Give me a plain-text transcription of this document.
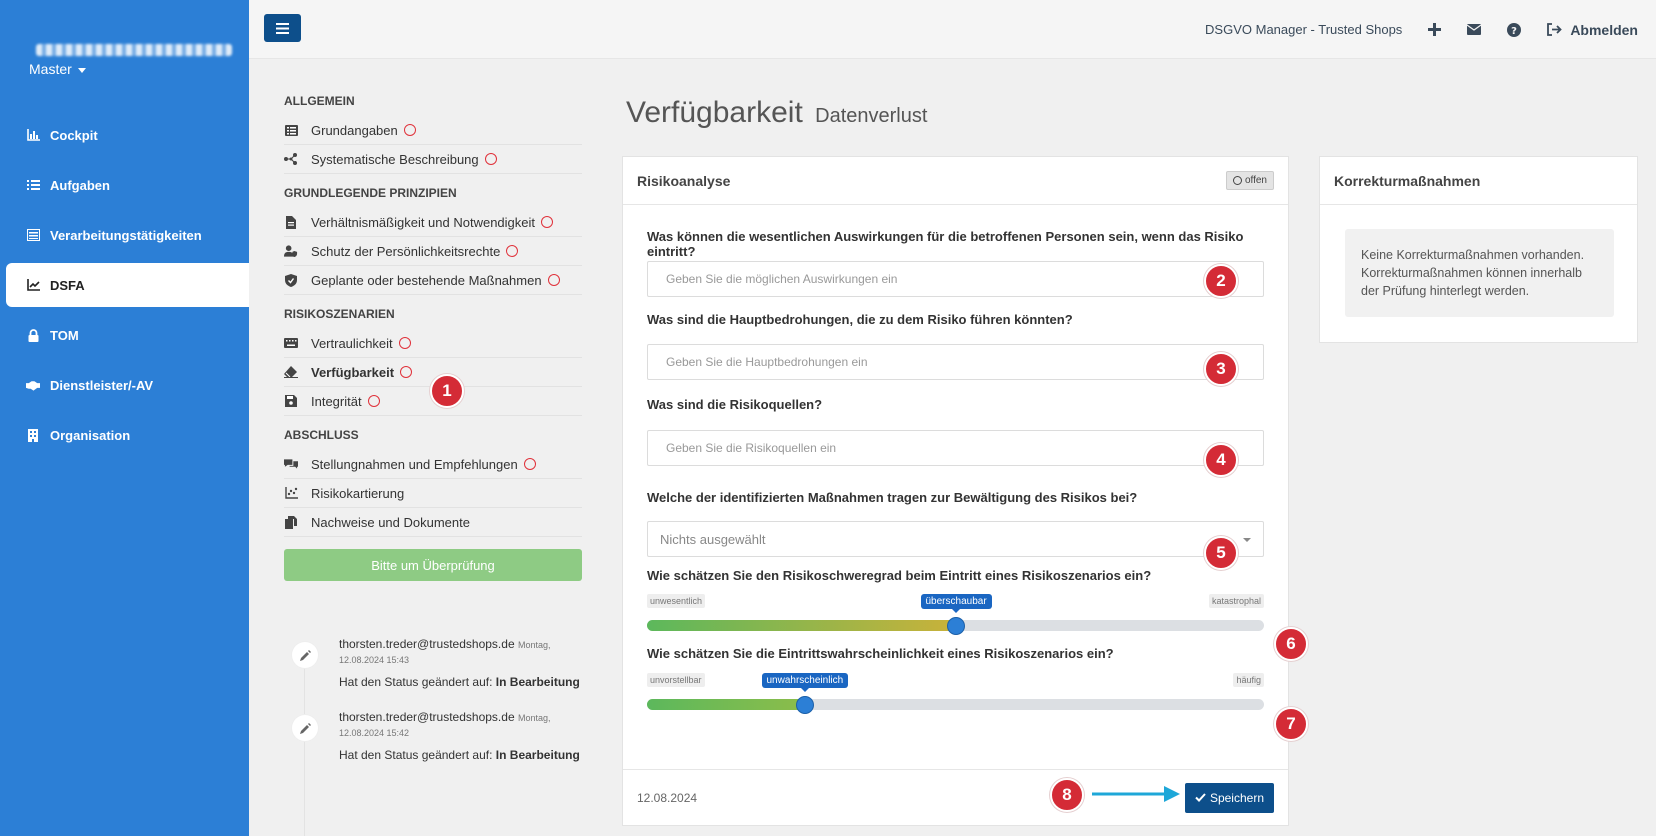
Master
Cockpit
Aufgaben
Verarbeitungstätigkeiten
DSFA
TOM
Dienstleister/-AV
Organisation
DSGVO Manager - Trusted Shops	?	Abmelden
ALLGEMEIN
Grundangaben
Systematische Beschreibung
GRUNDLEGENDE PRINZIPIEN
Verhältnismäßigkeit und Notwendigkeit
Schutz der Persönlichkeitsrechte
Geplante oder bestehende Maßnahmen
RISIKOSZENARIEN
Vertraulichkeit
Verfügbarkeit
Integrität
ABSCHLUSS
Stellungnahmen und Empfehlungen
Risikokartierung
Nachweise und Dokumente
Bitte um Überprüfung
thorsten.treder@trustedshops.de Montag,
12.08.2024 15:43
Hat den Status geändert auf: In Bearbeitung
thorsten.treder@trustedshops.de Montag,
12.08.2024 15:42
Hat den Status geändert auf: In Bearbeitung
Verfügbarkeit Datenverlust
Risikoanalyse	offen
Was können die wesentlichen Auswirkungen für die betroffenen Personen sein, wenn das Risiko eintritt?
Geben Sie die möglichen Auswirkungen ein
Was sind die Hauptbedrohungen, die zu dem Risiko führen könnten?
Geben Sie die Hauptbedrohungen ein
Was sind die Risikoquellen?
Geben Sie die Risikoquellen ein
Welche der identifizierten Maßnahmen tragen zur Bewältigung des Risikos bei?
Nichts ausgewählt
Wie schätzen Sie den Risikoschweregrad beim Eintritt eines Risikoszenarios ein?
unwesentlich	katastrophal
überschaubar
Wie schätzen Sie die Eintrittswahrscheinlichkeit eines Risikoszenarios ein?
unvorstellbar	häufig
unwahrscheinlich
12.08.2024	Speichern
Korrekturmaßnahmen
Keine Korrekturmaßnahmen vorhanden. Korrekturmaßnahmen können innerhalb der Prüfung hinterlegt werden.
1
2
3
4
5
6
7
8
